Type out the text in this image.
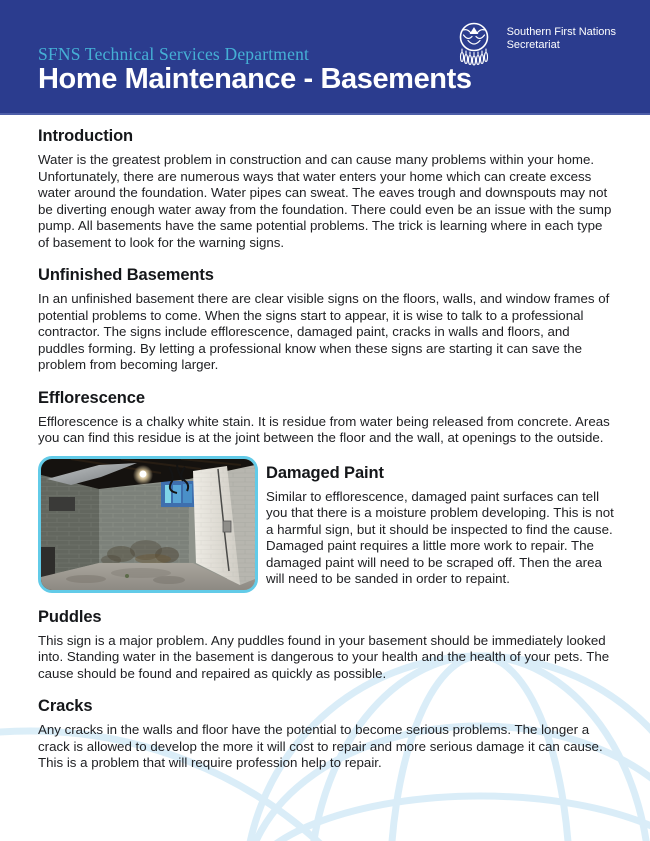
SFNS Technical Services Department
Home Maintenance - Basements
Southern First Nations
Secretariat
Introduction

Water is the greatest problem in construction and can cause many problems within your home. Unfortunately, there are numerous ways that water enters your home which can create excess water around the foundation. Water pipes can sweat. The eaves trough and downspouts may not be diverting enough water away from the foundation. There could even be an issue with the sump pump. All basements have the same potential problems. The trick is learning where in each type of basement to look for the warning signs.

Unfinished Basements

In an unfinished basement there are clear visible signs on the floors, walls, and window frames of potential problems to come. When the signs start to appear, it is wise to talk to a professional contractor. The signs include efflorescence, damaged paint, cracks in walls and floors, and puddles forming. By letting a professional know when these signs are starting it can save the problem from becoming larger.

Efflorescence

Efflorescence is a chalky white stain. It is residue from water being released from concrete. Areas you can find this residue is at the joint between the floor and the wall, at openings to the outside.

Damaged Paint

Similar to efflorescence, damaged paint surfaces can tell you that there is a moisture problem developing. This is not a harmful sign, but it should be inspected to find the cause. Damaged paint requires a little more work to repair. The damaged paint will need to be scraped off. Then the area will need to be sanded in order to repaint.

Puddles

This sign is a major problem. Any puddles found in your basement should be immediately looked into. Standing water in the basement is dangerous to your health and the health of your pets. The cause should be found and repaired as quickly as possible.

Cracks

Any cracks in the walls and floor have the potential to become serious problems. The longer a crack is allowed to develop the more it will cost to repair and more serious damage it can cause. This is a problem that will require profession help to repair.
